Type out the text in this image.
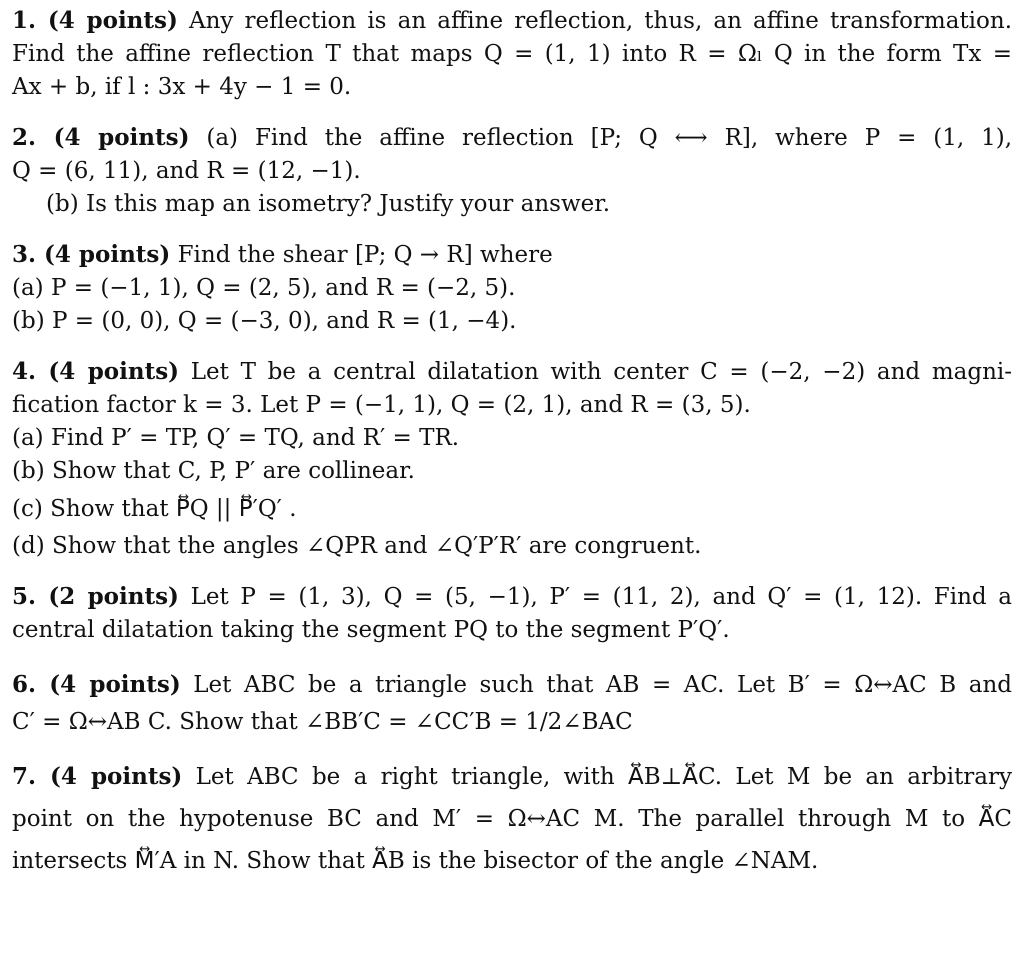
1. (4 points) Any reflection is an affine reflection, thus, an affine transformation.

Find the affine reflection T that maps Q = (1, 1) into R = Ωₗ Q in the form Tx =

Ax + b, if l : 3x + 4y − 1 = 0.

2. (4 points) (a) Find the affine reflection [P; Q ⟷ R], where P = (1, 1),

Q = (6, 11), and R = (12, −1).

(b) Is this map an isometry? Justify your answer.

3. (4 points) Find the shear [P; Q → R] where

(a) P = (−1, 1), Q = (2, 5), and R = (−2, 5).

(b) P = (0, 0), Q = (−3, 0), and R = (1, −4).

4. (4 points) Let T be a central dilatation with center C = (−2, −2) and magni-

fication factor k = 3. Let P = (−1, 1), Q = (2, 1), and R = (3, 5).

(a) Find P′ = TP, Q′ = TQ, and R′ = TR.

(b) Show that C, P, P′ are collinear.

(c) Show that P⃡Q || P⃡′Q′ .

(d) Show that the angles ∠QPR and ∠Q′P′R′ are congruent.

5. (2 points) Let P = (1, 3), Q = (5, −1), P′ = (11, 2), and Q′ = (1, 12). Find a

central dilatation taking the segment PQ to the segment P′Q′.

6. (4 points) Let ABC be a triangle such that AB = AC. Let B′ = Ω↔AC B and

C′ = Ω↔AB C. Show that ∠BB′C = ∠CC′B = 1/2∠BAC

7. (4 points) Let ABC be a right triangle, with A⃡B⊥A⃡C. Let M be an arbitrary

point on the hypotenuse BC and M′ = Ω↔AC M. The parallel through M to A⃡C

intersects M⃡′A in N. Show that A⃡B is the bisector of the angle ∠NAM.
